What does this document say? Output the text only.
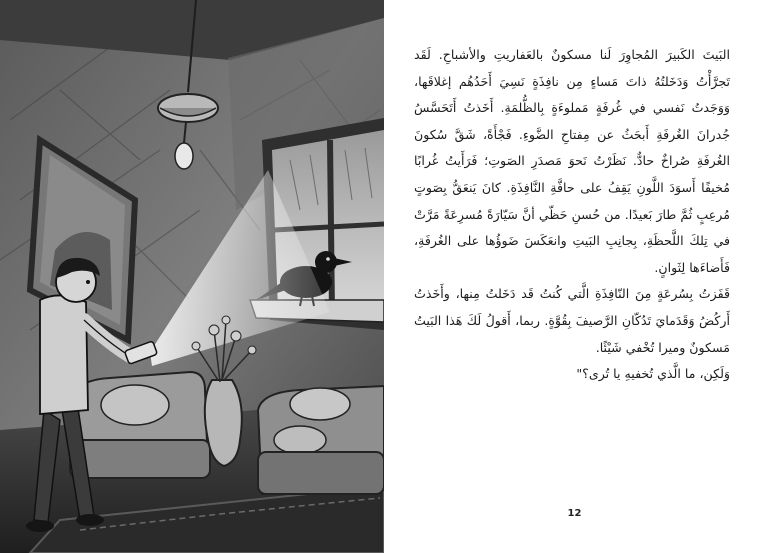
البَيتَ الكَبيرَ المُجاوِرَ لَنا مسكونٌ بالعَفاريتِ والأشباحِ. لَقَد تَجرَّأْتُ وَدَخَلتُهُ ذاتَ مَساءٍ مِن نافِذَةٍ نَسِيَ أَحَدُهُم إغلاقَها، وَوَجَدتُ نَفسي في غُرفَةٍ مَملوءَةٍ بِالظُّلمَةِ. أَخَذتُ أَتَحَسَّسُ جُدرانَ الغُرفَةِ أَبحَثُ عن مِفتاحِ الضَّوءِ. فَجْأَةً، شَقَّ سُكونَ الغُرفَةِ صُراخٌ حادٌّ. نَظَرْتُ نَحوَ مَصدَرِ الصَوتِ؛ فَرَأَيتُ غُرابًا مُخيفًا أَسوَدَ اللَّونِ يَقِفُ على حافَّةِ النَّافِذَةِ. كانَ يَنعَقُّ بِصَوتٍ مُرعِبٍ ثُمَّ طارَ بَعيدًا. من حُسنِ حَظّي أنَّ سَيّارَةً مُسرِعَةً مَرَّتْ في تِلكَ اللَّحظَةِ، بِجانِبِ البَيتِ وانعَكَسَ ضَوؤُها على الغُرفَةِ، فَأَضاءَها لِثَوانٍ.

قَفَزتُ بِسُرعَةٍ مِنَ النّافِذَةِ الَّتي كُنتُ قَد دَخَلتُ مِنها، وأَخَذتُ أَركُضُ وَقَدَمايَ تَدُكّانِ الرَّصيفَ بِقُوَّةٍ. ربما، أَقولُ لَكَ هَذا البَيتُ مَسكونٌ وميرا تُخْفي شَيْئًا.

وَلَكِن، ما الَّذي تُخفيهِ يا تُرى؟"

12
